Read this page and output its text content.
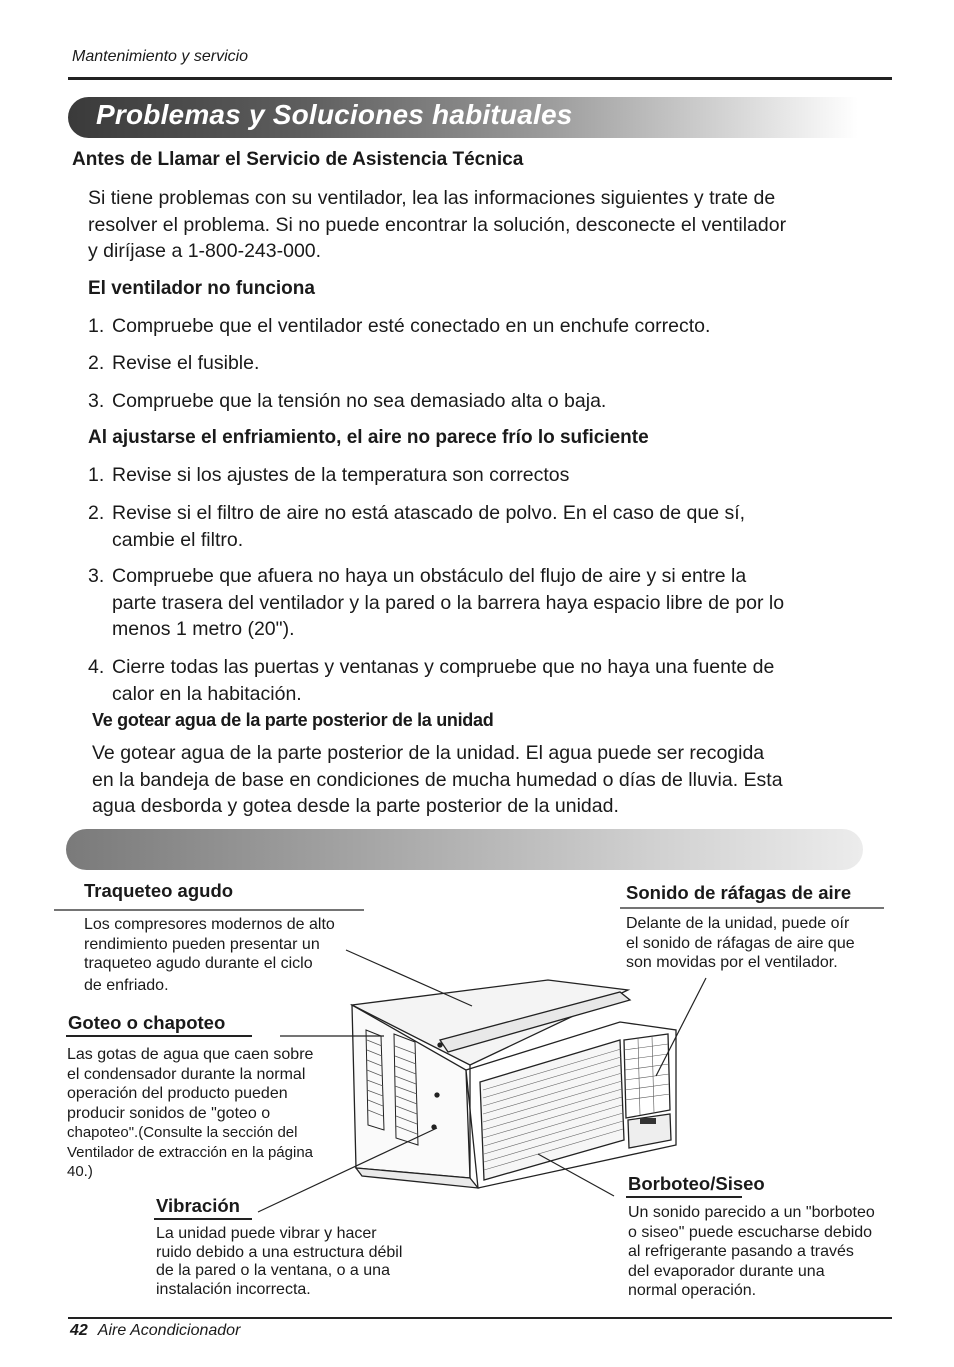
Mantenimiento y servicio
Problemas y Soluciones habituales
Antes de Llamar el Servicio de Asistencia Técnica
Si tiene problemas con su ventilador, lea las informaciones siguientes y trate de
resolver el problema. Si no puede encontrar la solución, desconecte el ventilador
y diríjase a 1-800-243-000.
El ventilador no funciona
1. Compruebe que el ventilador esté conectado en un enchufe correcto.
2. Revise el fusible.
3. Compruebe que la tensión no sea demasiado alta o baja.
Al ajustarse el enfriamiento, el aire no parece frío lo suficiente
1. Revise si los ajustes de la temperatura son correctos
2. Revise si el filtro de aire no está atascado de polvo. En el caso de que sí,
cambie el filtro.
3. Compruebe que afuera no haya un obstáculo del flujo de aire y si entre la
parte trasera del ventilador y la pared o la barrera haya espacio libre de por lo
menos 1 metro (20").
4. Cierre todas las puertas y ventanas y compruebe que no haya una fuente de
calor en la habitación.
Ve gotear agua de la parte posterior de la unidad
Ve gotear agua de la parte posterior de la unidad. El agua puede ser recogida
en la bandeja de base en condiciones de mucha humedad o días de lluvia. Esta
agua desborda y gotea desde la parte posterior de la unidad.
Traqueteo agudo
Los compresores modernos de alto
rendimiento pueden presentar un
traqueteo agudo durante el ciclo
de enfriado.
Goteo o chapoteo
Las gotas de agua que caen sobre
el condensador durante la normal
operación del producto pueden
producir sonidos de "goteo o
chapoteo".(Consulte la sección del
Ventilador de extracción en la página
40.)
Vibración
La unidad puede vibrar y hacer
ruido debido a una estructura débil
de la pared o la ventana, o a una
instalación incorrecta.
Sonido de ráfagas de aire
Delante de la unidad, puede oír
el sonido de ráfagas de aire que
son movidas por el ventilador.
Borboteo/Siseo
Un sonido parecido a un "borboteo
o siseo" puede escucharse debido
al refrigerante pasando a través
del evaporador durante una
normal operación.
42 Aire Acondicionador
